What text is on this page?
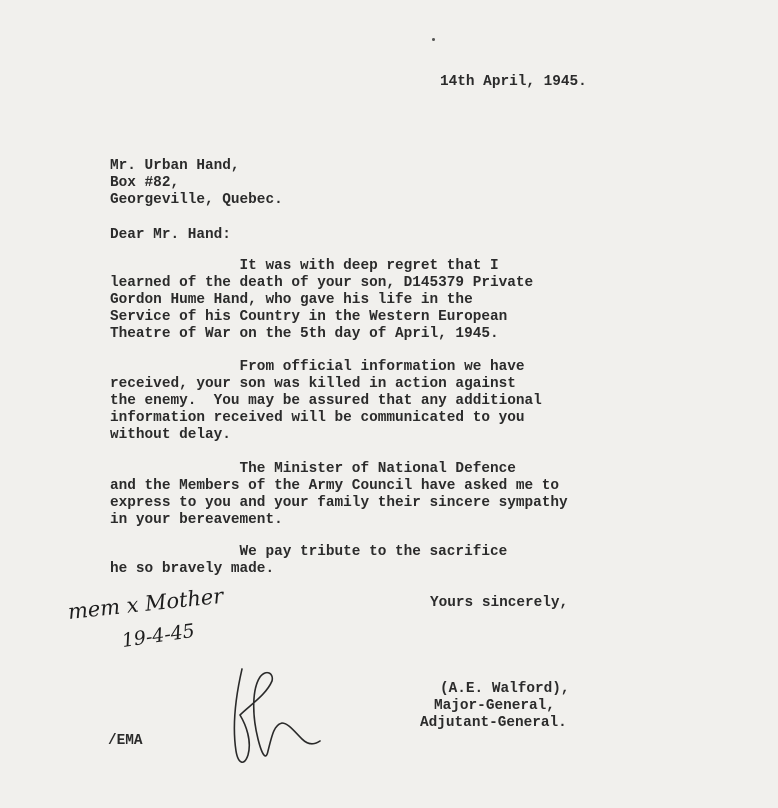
14th April, 1945.

Mr. Urban Hand,

Box #82,

Georgeville, Quebec.

Dear Mr. Hand:

It was with deep regret that I
learned of the death of your son, D145379 Private
Gordon Hume Hand, who gave his life in the
Service of his Country in the Western European
Theatre of War on the 5th day of April, 1945.
From official information we have
received, your son was killed in action against
the enemy.  You may be assured that any additional
information received will be communicated to you
without delay.
The Minister of National Defence
and the Members of the Army Council have asked me to
express to you and your family their sincere sympathy
in your bereavement.
We pay tribute to the sacrifice
he so bravely made.

Yours sincerely,

mem x Mother

19-4-45

(A.E. Walford),

Major-General,

Adjutant-General.

/EMA
